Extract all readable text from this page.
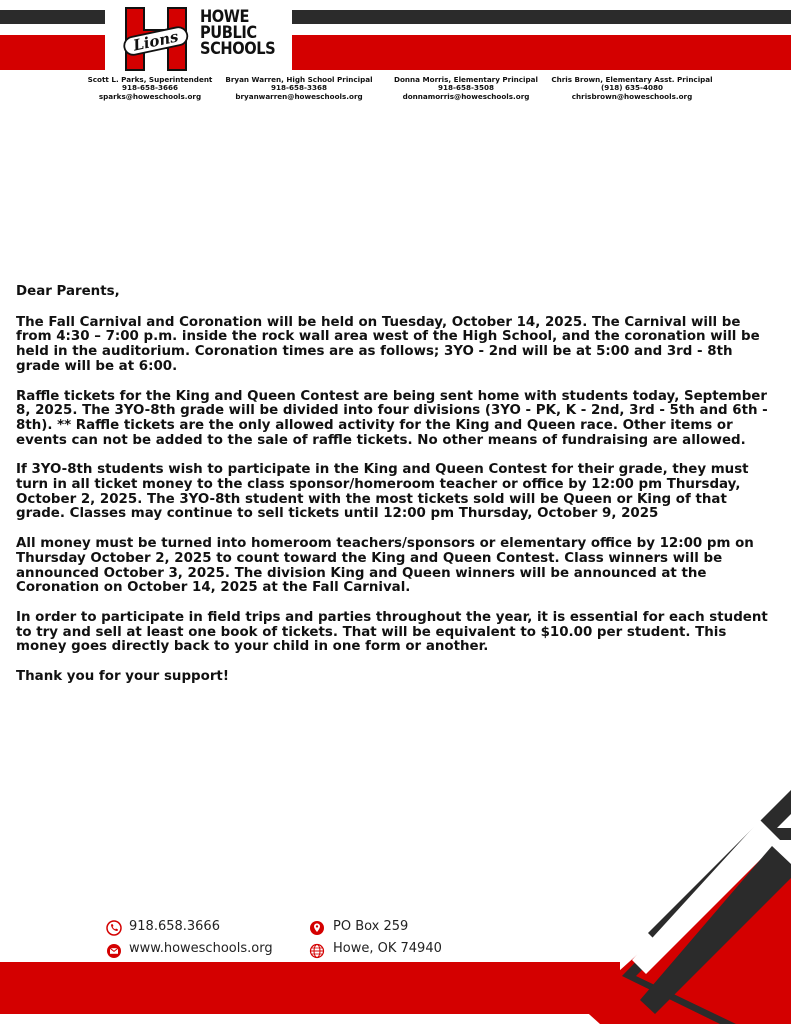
Lions
HOWE
PUBLIC
SCHOOLS
Scott L. Parks, Superintendent
918-658-3666
sparks@howeschools.org
Bryan Warren, High School Principal
918-658-3368
bryanwarren@howeschools.org
Donna Morris, Elementary Principal
918-658-3508
donnamorris@howeschools.org
Chris Brown, Elementary Asst. Principal
(918) 635-4080
chrisbrown@howeschools.org

Dear Parents,

The Fall Carnival and Coronation will be held on Tuesday, October 14, 2025. The Carnival will be from 4:30 – 7:00 p.m. inside the rock wall area west of the High School, and the coronation will be held in the auditorium. Coronation times are as follows; 3YO - 2nd will be at 5:00 and 3rd - 8th grade will be at 6:00.

Raffle tickets for the King and Queen Contest are being sent home with students today, September 8, 2025. The 3YO-8th grade will be divided into four divisions (3YO - PK, K - 2nd, 3rd - 5th and 6th - 8th). ** Raffle tickets are the only allowed activity for the King and Queen race. Other items or events can not be added to the sale of raffle tickets. No other means of fundraising are allowed.

If 3YO-8th students wish to participate in the King and Queen Contest for their grade, they must turn in all ticket money to the class sponsor/homeroom teacher or office by 12:00 pm Thursday, October 2, 2025. The 3YO-8th student with the most tickets sold will be Queen or King of that grade. Classes may continue to sell tickets until 12:00 pm Thursday, October 9, 2025

All money must be turned into homeroom teachers/sponsors or elementary office by 12:00 pm on Thursday October 2, 2025 to count toward the King and Queen Contest. Class winners will be announced October 3, 2025. The division King and Queen winners will be announced at the Coronation on October 14, 2025 at the Fall Carnival.

In order to participate in field trips and parties throughout the year, it is essential for each student to try and sell at least one book of tickets. That will be equivalent to $10.00 per student. This money goes directly back to your child in one form or another.

Thank you for your support!

918.658.3666
www.howeschools.org
PO Box 259
Howe, OK 74940
